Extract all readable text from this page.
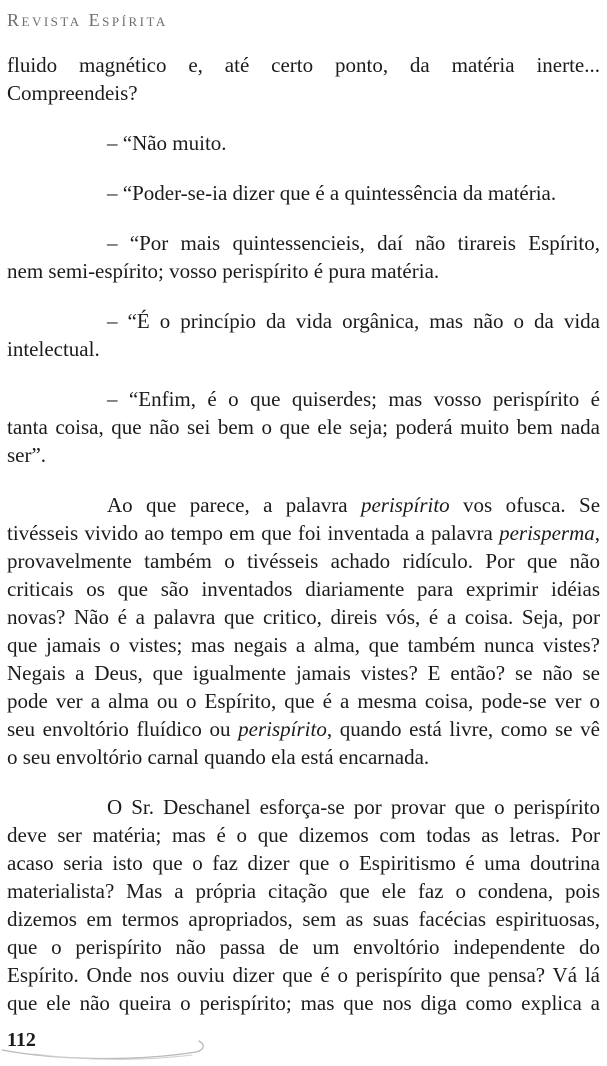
Revista Espírita
fluido magnético e, até certo ponto, da matéria inerte...
Compreendeis?
– “Não muito.
– “Poder-se-ia dizer que é a quintessência da matéria.
– “Por mais quintessencieis, daí não tirareis Espírito,
nem semi-espírito; vosso perispírito é pura matéria.
– “É o princípio da vida orgânica, mas não o da vida
intelectual.
– “Enfim, é o que quiserdes; mas vosso perispírito é
tanta coisa, que não sei bem o que ele seja; poderá muito bem nada
ser”.
Ao que parece, a palavra perispírito vos ofusca. Se
tivésseis vivido ao tempo em que foi inventada a palavra perisperma,
provavelmente também o tivésseis achado ridículo. Por que não
criticais os que são inventados diariamente para exprimir idéias
novas? Não é a palavra que critico, direis vós, é a coisa. Seja, por
que jamais o vistes; mas negais a alma, que também nunca vistes?
Negais a Deus, que igualmente jamais vistes? E então? se não se
pode ver a alma ou o Espírito, que é a mesma coisa, pode-se ver o
seu envoltório fluídico ou perispírito, quando está livre, como se vê
o seu envoltório carnal quando ela está encarnada.
O Sr. Deschanel esforça-se por provar que o perispírito
deve ser matéria; mas é o que dizemos com todas as letras. Por
acaso seria isto que o faz dizer que o Espiritismo é uma doutrina
materialista? Mas a própria citação que ele faz o condena, pois
dizemos em termos apropriados, sem as suas facécias espirituosas,
que o perispírito não passa de um envoltório independente do
Espírito. Onde nos ouviu dizer que é o perispírito que pensa? Vá lá
que ele não queira o perispírito; mas que nos diga como explica a
112
